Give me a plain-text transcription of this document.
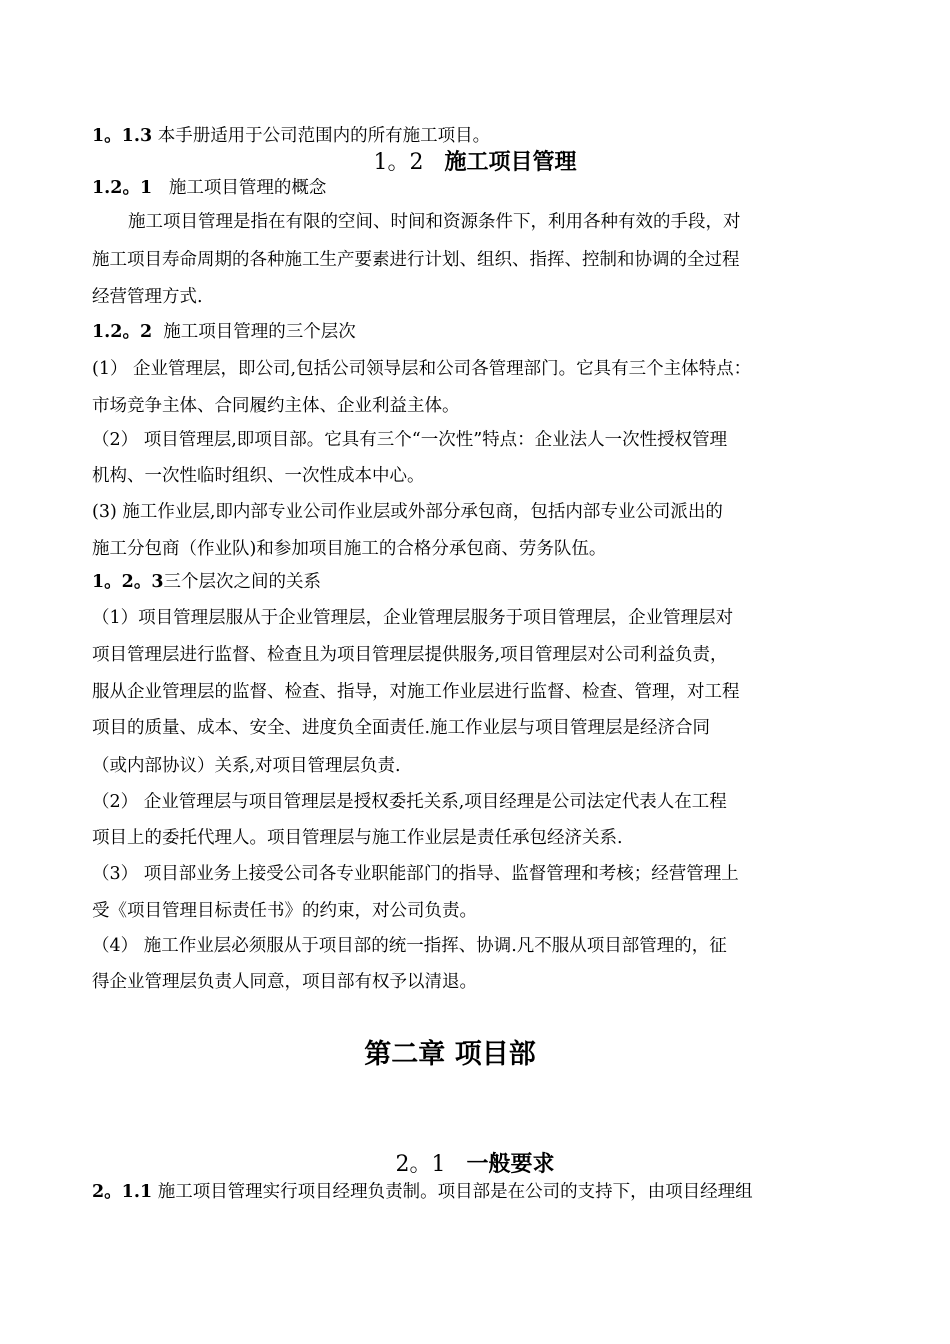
1。1.3 本手册适用于公司范围内的所有施工项目。
1。2 施工项目管理
1.2。1   施工项目管理的概念
施工项目管理是指在有限的空间、时间和资源条件下，利用各种有效的手段，对
施工项目寿命周期的各种施工生产要素进行计划、组织、指挥、控制和协调的全过程
经营管理方式.
1.2。2  施工项目管理的三个层次
(1） 企业管理层，即公司,包括公司领导层和公司各管理部门。它具有三个主体特点：
市场竞争主体、合同履约主体、企业利益主体。
（2） 项目管理层,即项目部。它具有三个“一次性”特点：企业法人一次性授权管理
机构、一次性临时组织、一次性成本中心。
(3) 施工作业层,即内部专业公司作业层或外部分承包商，包括内部专业公司派出的
施工分包商（作业队)和参加项目施工的合格分承包商、劳务队伍。
1。2。3三个层次之间的关系
（1）项目管理层服从于企业管理层，企业管理层服务于项目管理层，企业管理层对
项目管理层进行监督、检查且为项目管理层提供服务,项目管理层对公司利益负责，
服从企业管理层的监督、检查、指导，对施工作业层进行监督、检查、管理，对工程
项目的质量、成本、安全、进度负全面责任.施工作业层与项目管理层是经济合同
（或内部协议）关系,对项目管理层负责.
（2） 企业管理层与项目管理层是授权委托关系,项目经理是公司法定代表人在工程
项目上的委托代理人。项目管理层与施工作业层是责任承包经济关系.
（3） 项目部业务上接受公司各专业职能部门的指导、监督管理和考核；经营管理上
受《项目管理目标责任书》的约束，对公司负责。
（4） 施工作业层必须服从于项目部的统一指挥、协调.凡不服从项目部管理的，征
得企业管理层负责人同意，项目部有权予以清退。
第二章 项目部
2。1 一般要求
2。1.1 施工项目管理实行项目经理负责制。项目部是在公司的支持下，由项目经理组
